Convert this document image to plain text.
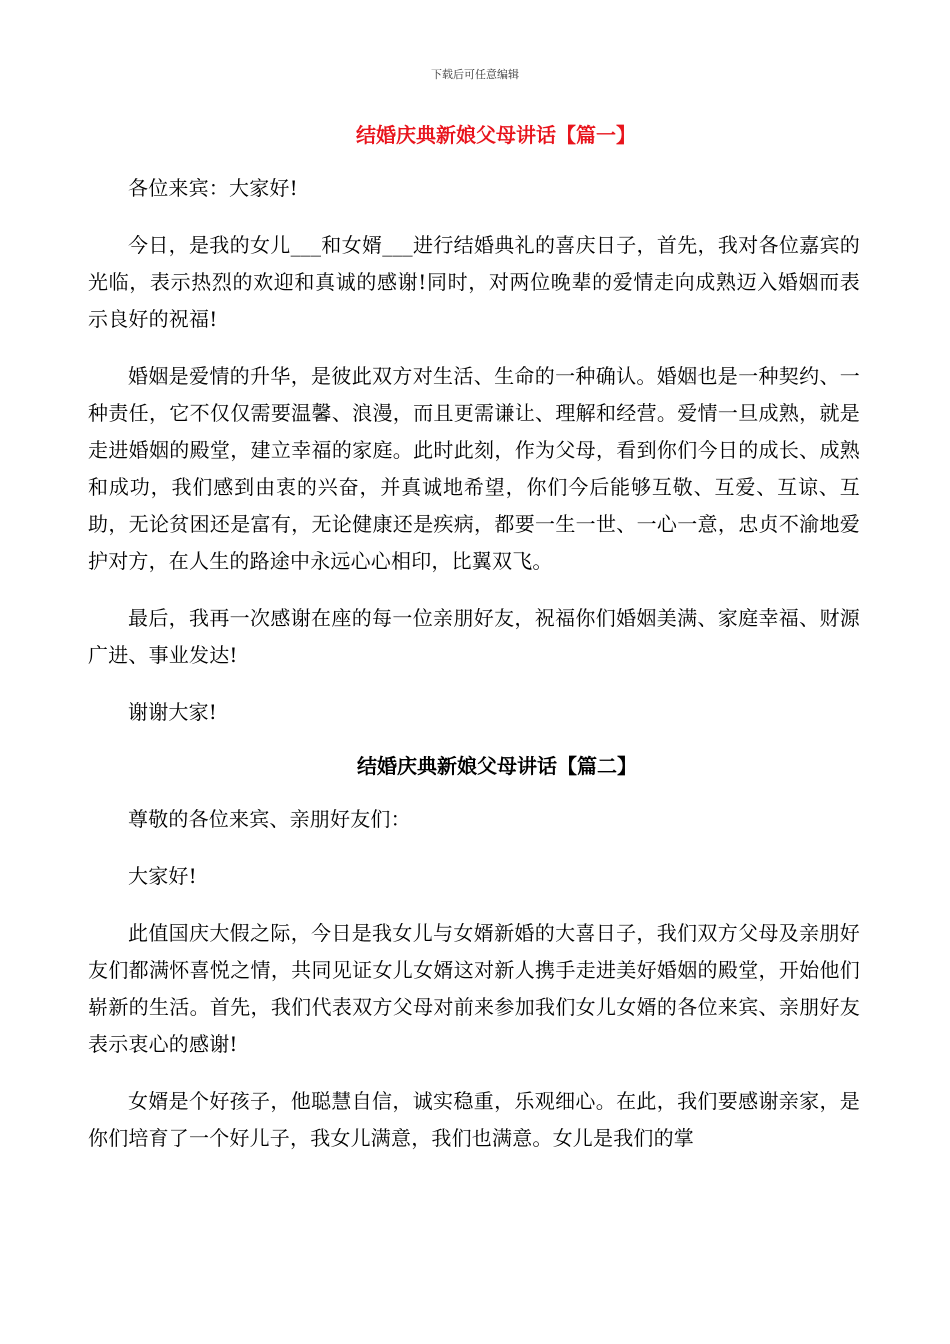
下载后可任意编辑
结婚庆典新娘父母讲话【篇一】

各位来宾：大家好!

今日，是我的女儿___和女婿___进行结婚典礼的喜庆日子，首先，我对各位嘉宾的光临，表示热烈的欢迎和真诚的感谢!同时，对两位晚辈的爱情走向成熟迈入婚姻而表示良好的祝福!

婚姻是爱情的升华，是彼此双方对生活、生命的一种确认。婚姻也是一种契约、一种责任，它不仅仅需要温馨、浪漫，而且更需谦让、理解和经营。爱情一旦成熟，就是走进婚姻的殿堂，建立幸福的家庭。此时此刻，作为父母，看到你们今日的成长、成熟和成功，我们感到由衷的兴奋，并真诚地希望，你们今后能够互敬、互爱、互谅、互助，无论贫困还是富有，无论健康还是疾病，都要一生一世、一心一意，忠贞不渝地爱护对方，在人生的路途中永远心心相印，比翼双飞。

最后，我再一次感谢在座的每一位亲朋好友，祝福你们婚姻美满、家庭幸福、财源广进、事业发达!

谢谢大家!

结婚庆典新娘父母讲话【篇二】

尊敬的各位来宾、亲朋好友们：

大家好!

此值国庆大假之际，今日是我女儿与女婿新婚的大喜日子，我们双方父母及亲朋好友们都满怀喜悦之情，共同见证女儿女婿这对新人携手走进美好婚姻的殿堂，开始他们崭新的生活。首先，我们代表双方父母对前来参加我们女儿女婿的各位来宾、亲朋好友表示衷心的感谢!

女婿是个好孩子，他聪慧自信，诚实稳重，乐观细心。在此，我们要感谢亲家，是你们培育了一个好儿子，我女儿满意，我们也满意。女儿是我们的掌
